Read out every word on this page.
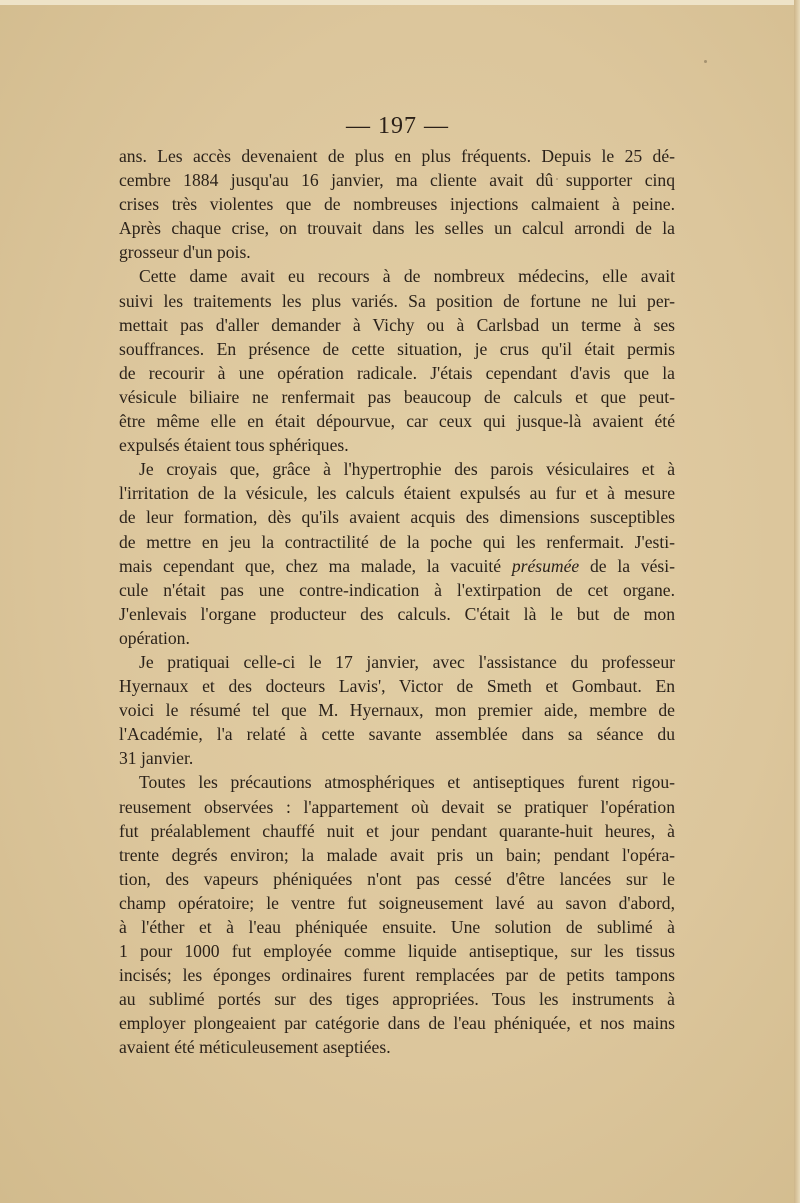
— 197 —
ans. Les accès devenaient de plus en plus fréquents. Depuis le 25 dé-
cembre 1884 jusqu'au 16 janvier, ma cliente avait dû supporter cinq
crises très violentes que de nombreuses injections calmaient à peine.
Après chaque crise, on trouvait dans les selles un calcul arrondi de la
grosseur d'un pois.
Cette dame avait eu recours à de nombreux médecins, elle avait
suivi les traitements les plus variés. Sa position de fortune ne lui per-
mettait pas d'aller demander à Vichy ou à Carlsbad un terme à ses
souffrances. En présence de cette situation, je crus qu'il était permis
de recourir à une opération radicale. J'étais cependant d'avis que la
vésicule biliaire ne renfermait pas beaucoup de calculs et que peut-
être même elle en était dépourvue, car ceux qui jusque-là avaient été
expulsés étaient tous sphériques.
Je croyais que, grâce à l'hypertrophie des parois vésiculaires et à
l'irritation de la vésicule, les calculs étaient expulsés au fur et à mesure
de leur formation, dès qu'ils avaient acquis des dimensions susceptibles
de mettre en jeu la contractilité de la poche qui les renfermait. J'esti-
mais cependant que, chez ma malade, la vacuité présumée de la vési-
cule n'était pas une contre-indication à l'extirpation de cet organe.
J'enlevais l'organe producteur des calculs. C'était là le but de mon
opération.
Je pratiquai celle-ci le 17 janvier, avec l'assistance du professeur
Hyernaux et des docteurs Lavis', Victor de Smeth et Gombaut. En
voici le résumé tel que M. Hyernaux, mon premier aide, membre de
l'Académie, l'a relaté à cette savante assemblée dans sa séance du
31 janvier.
Toutes les précautions atmosphériques et antiseptiques furent rigou-
reusement observées : l'appartement où devait se pratiquer l'opération
fut préalablement chauffé nuit et jour pendant quarante-huit heures, à
trente degrés environ; la malade avait pris un bain; pendant l'opéra-
tion, des vapeurs phéniquées n'ont pas cessé d'être lancées sur le
champ opératoire; le ventre fut soigneusement lavé au savon d'abord,
à l'éther et à l'eau phéniquée ensuite. Une solution de sublimé à
1 pour 1000 fut employée comme liquide antiseptique, sur les tissus
incisés; les éponges ordinaires furent remplacées par de petits tampons
au sublimé portés sur des tiges appropriées. Tous les instruments à
employer plongeaient par catégorie dans de l'eau phéniquée, et nos mains
avaient été méticuleusement aseptiées.
